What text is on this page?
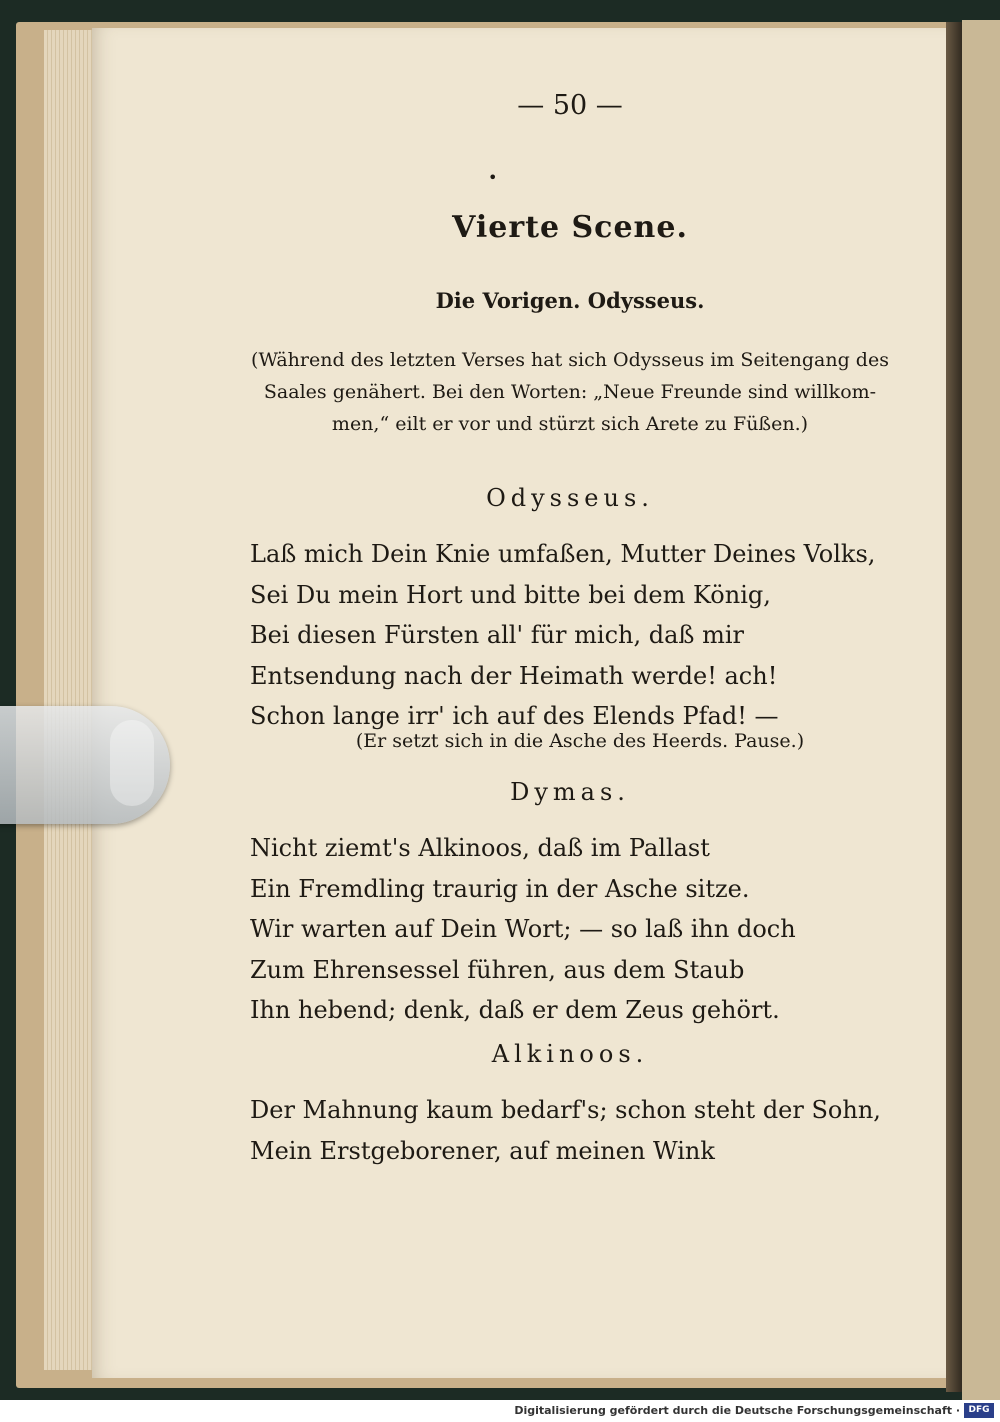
— 50 —
•
Vierte Scene.
Die Vorigen. Odysseus.
(Während des letzten Verses hat sich Odysseus im Seitengang des
Saales genähert. Bei den Worten: „Neue Freunde sind willkom-
men,“ eilt er vor und stürzt sich Arete zu Füßen.)
Odysseus.
Laß mich Dein Knie umfaßen, Mutter Deines Volks,
Sei Du mein Hort und bitte bei dem König,
Bei diesen Fürsten all' für mich, daß mir
Entsendung nach der Heimath werde! ach!
Schon lange irr' ich auf des Elends Pfad! —
(Er setzt sich in die Asche des Heerds. Pause.)
Dymas.
Nicht ziemt's Alkinoos, daß im Pallast
Ein Fremdling traurig in der Asche sitze.
Wir warten auf Dein Wort; — so laß ihn doch
Zum Ehrensessel führen, aus dem Staub
Ihn hebend; denk, daß er dem Zeus gehört.
Alkinoos.
Der Mahnung kaum bedarf's; schon steht der Sohn,
Mein Erstgeborener, auf meinen Wink
Digitalisierung gefördert durch die Deutsche Forschungsgemeinschaft · DFG
